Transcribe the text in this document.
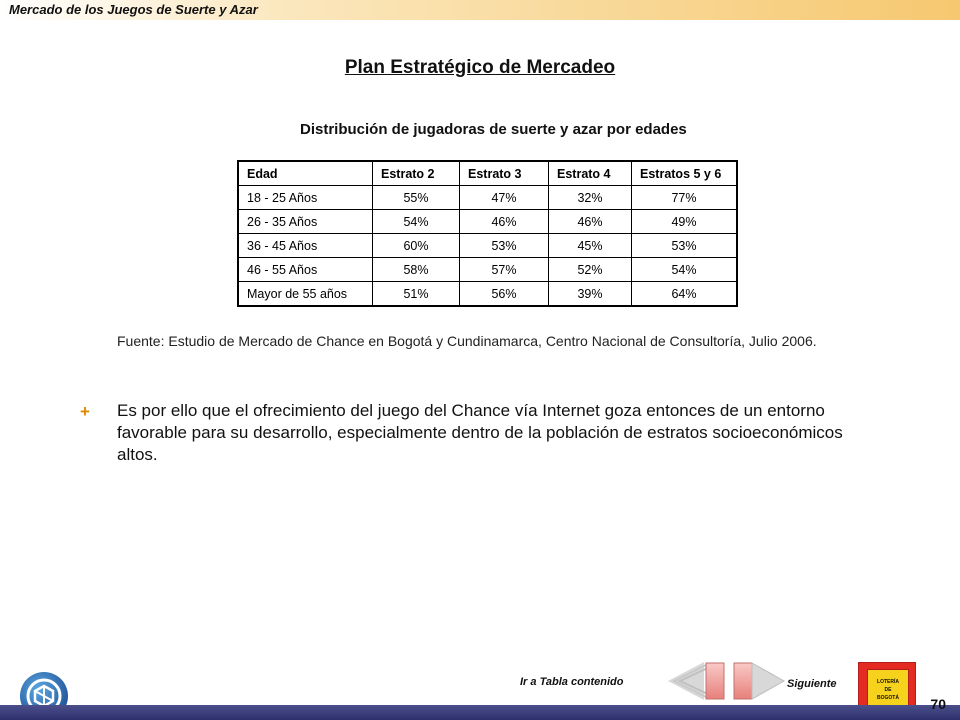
Mercado de los Juegos de Suerte y Azar
Plan Estratégico de Mercadeo
Distribución de jugadoras de suerte y azar por edades
Edad	Estrato 2	Estrato 3	Estrato 4	Estratos 5 y 6
18 - 25 Años	55%	47%	32%	77%
26 - 35 Años	54%	46%	46%	49%
36 - 45 Años	60%	53%	45%	53%
46 - 55 Años	58%	57%	52%	54%
Mayor de 55 años	51%	56%	39%	64%
Fuente: Estudio de Mercado de Chance en Bogotá y Cundinamarca, Centro Nacional de Consultoría, Julio 2006.
+ Es por ello que el ofrecimiento del juego del Chance vía Internet goza entonces de un entorno favorable para su desarrollo, especialmente dentro de la población de estratos socioeconómicos altos.
Ir a Tabla contenido	Siguiente	LOTERÍA
DE
BOGOTÁ	70
